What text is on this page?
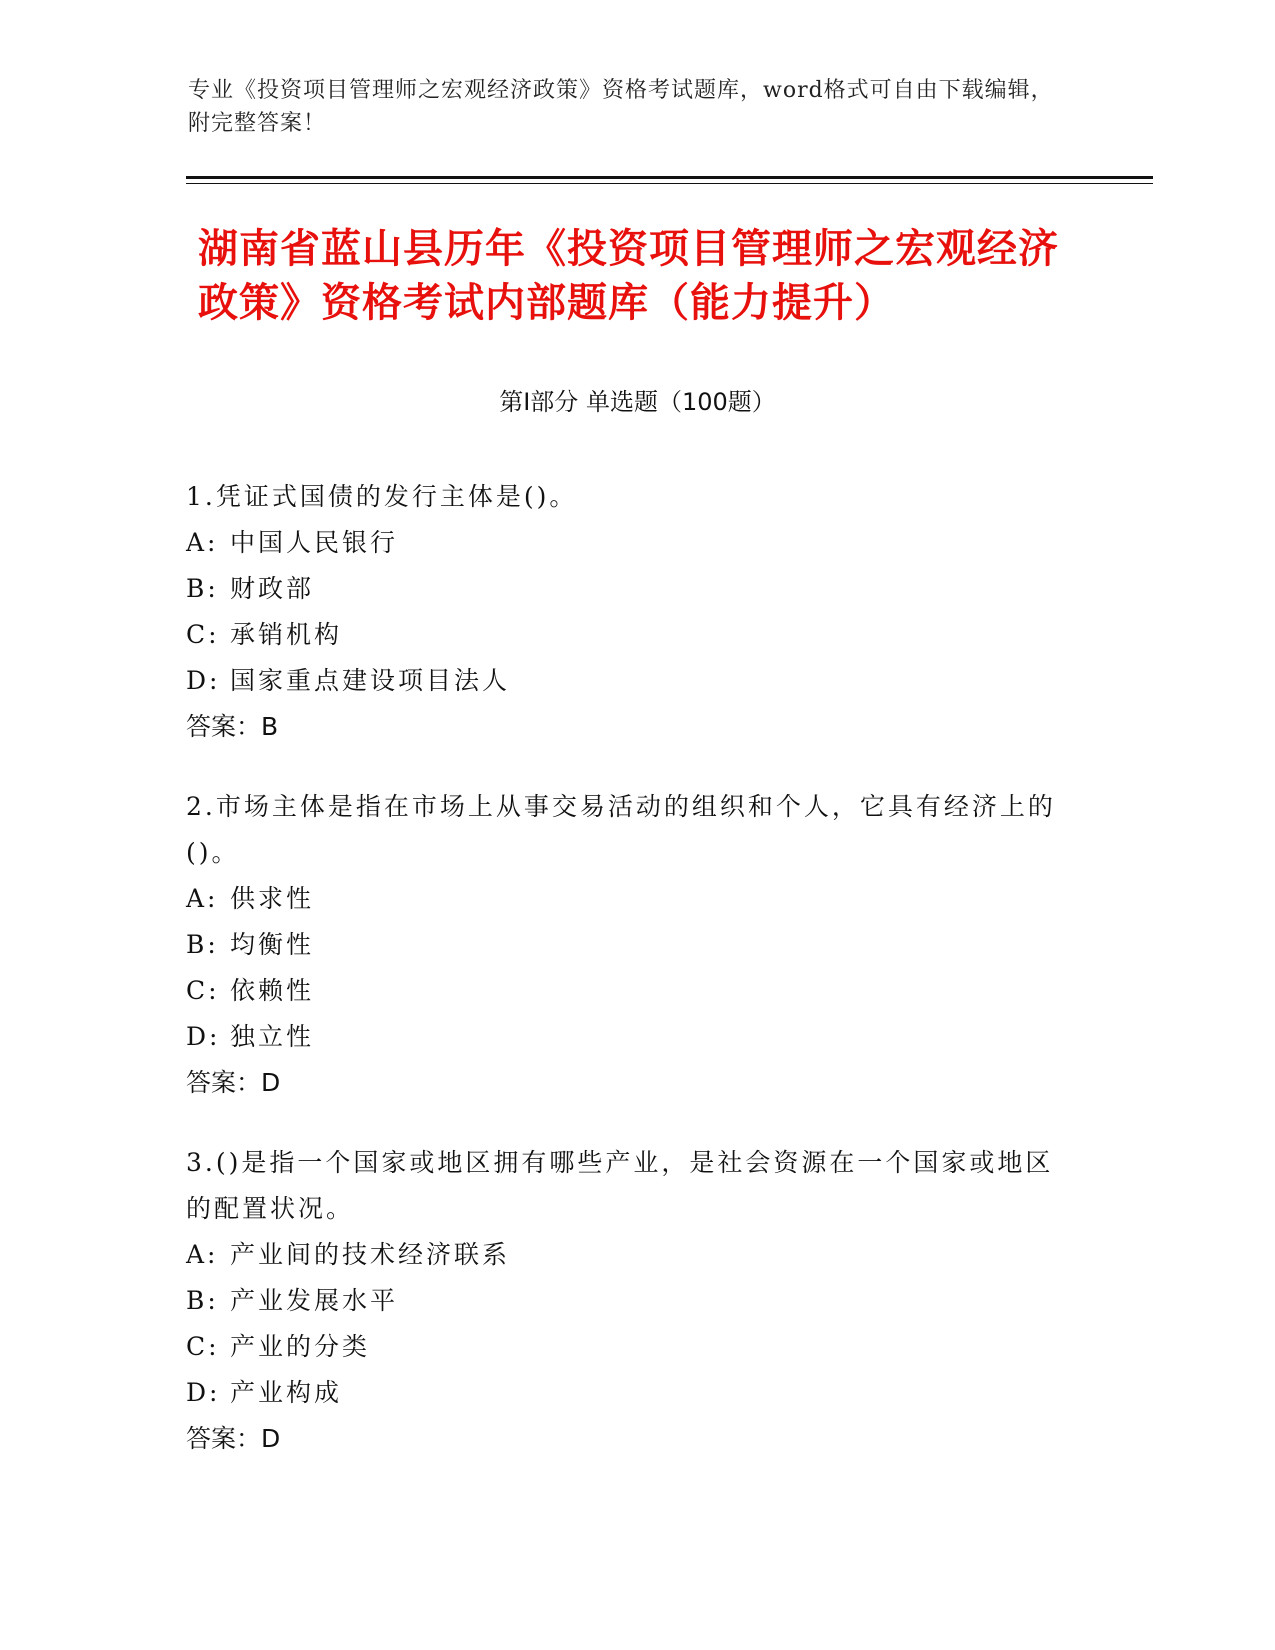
专业《投资项目管理师之宏观经济政策》资格考试题库，word格式可自由下载编辑，附完整答案！
湖南省蓝山县历年《投资项目管理师之宏观经济政策》资格考试内部题库（能力提升）
第Ⅰ部分 单选题（100题）

1.凭证式国债的发行主体是()。

A: 中国人民银行

B: 财政部

C: 承销机构

D: 国家重点建设项目法人

答案：B

2.市场主体是指在市场上从事交易活动的组织和个人，它具有经济上的()。

A: 供求性

B: 均衡性

C: 依赖性

D: 独立性

答案：D

3.()是指一个国家或地区拥有哪些产业，是社会资源在一个国家或地区的配置状况。

A: 产业间的技术经济联系

B: 产业发展水平

C: 产业的分类

D: 产业构成

答案：D
